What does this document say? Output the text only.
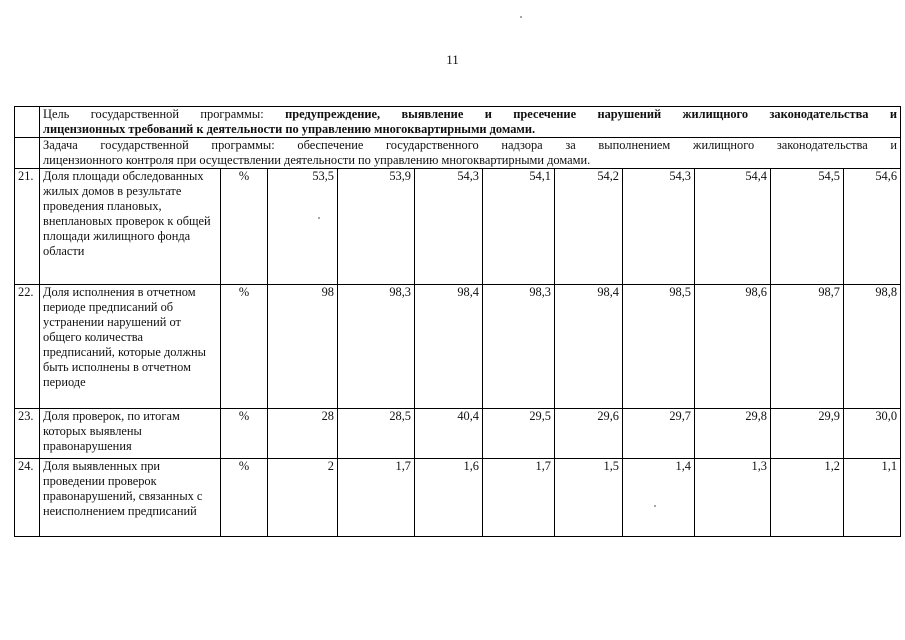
11

	Цель государственной программы: предупреждение, выявление и пресечение нарушений жилищного законодательства и
лицензионных требований к деятельности по управлению многоквартирными домами.										

	Задача государственной программы: обеспечение государственного надзора за выполнением жилищного законодательства и
лицензионного контроля при осуществлении деятельности по управлению многоквартирными домами.										

21.	Доля площади обследованных жилых домов в результате проведения плановых, внеплановых проверок к общей площади жилищного фонда области	%	53,5	53,9	54,3	54,1	54,2	54,3	54,4	54,5	54,6
22.	Доля исполнения в отчетном периоде предписаний об устранении нарушений от общего количества предписаний, которые должны быть исполнены в отчетном периоде	%	98	98,3	98,4	98,3	98,4	98,5	98,6	98,7	98,8
23.	Доля проверок, по итогам которых выявлены правонарушения	%	28	28,5	40,4	29,5	29,6	29,7	29,8	29,9	30,0
24.	Доля выявленных при проведении проверок правонарушений, связанных с неисполнением предписаний	%	2	1,7	1,6	1,7	1,5	1,4	1,3	1,2	1,1
